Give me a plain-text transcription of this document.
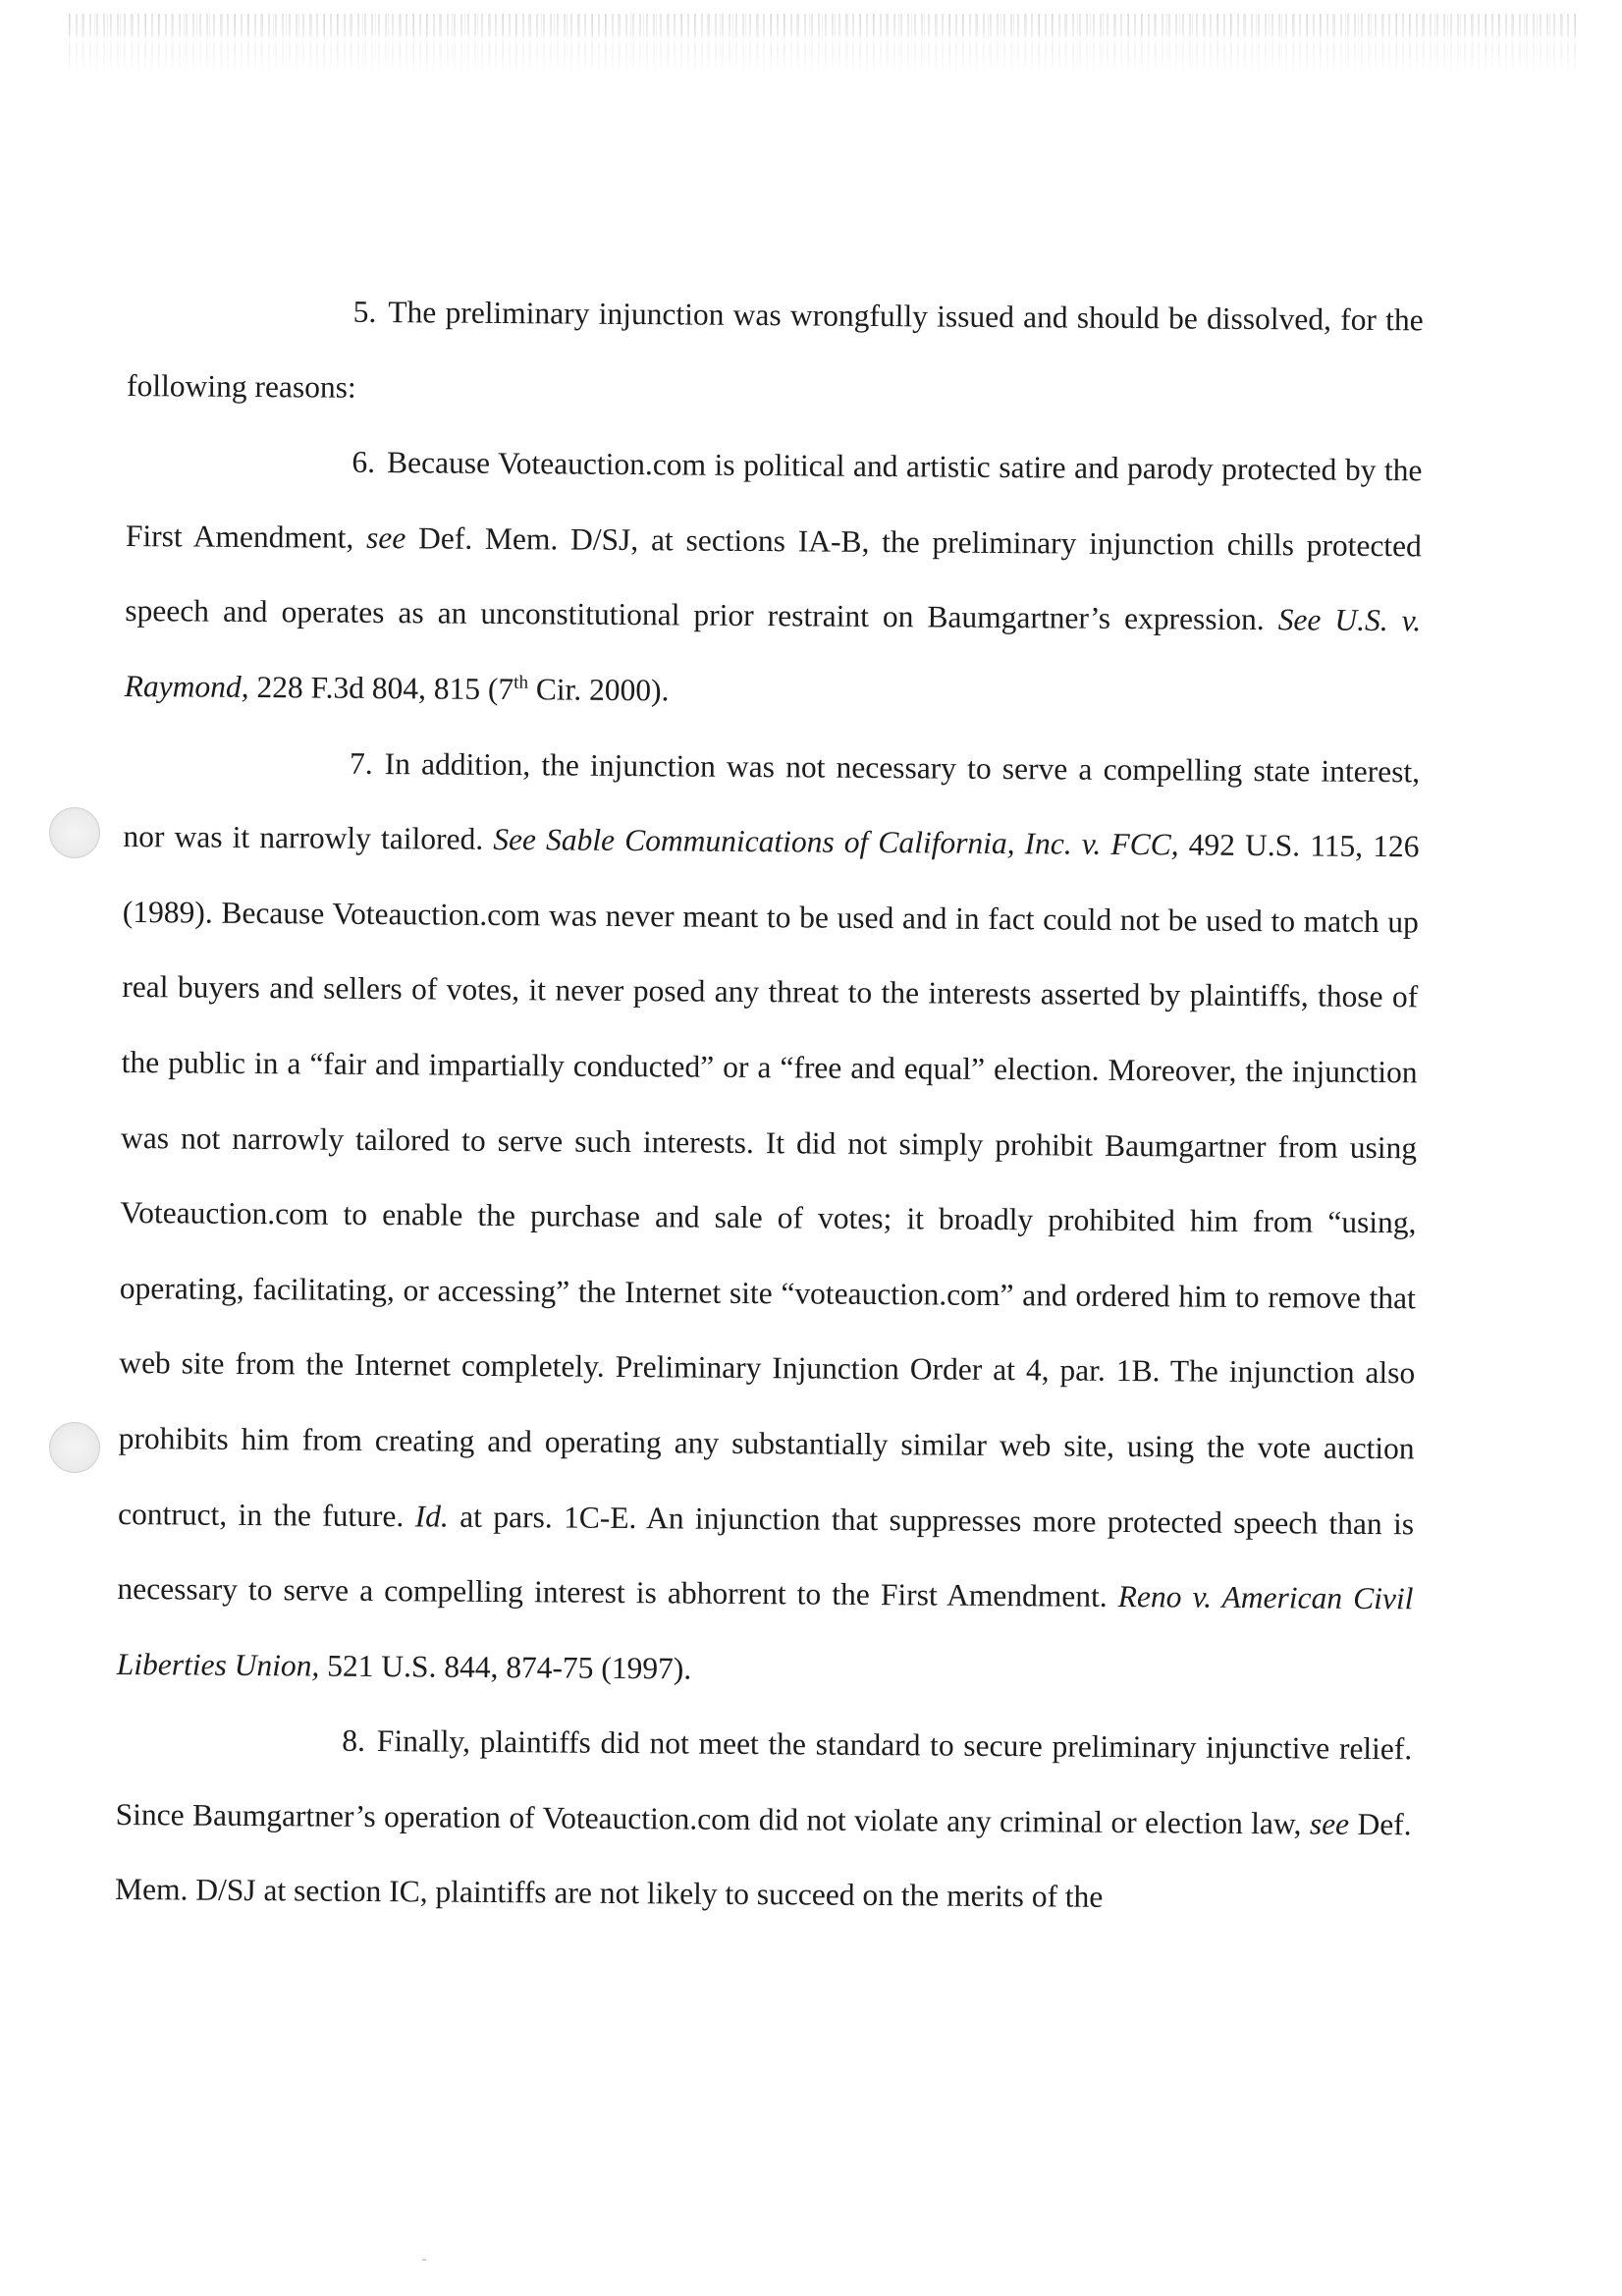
5. The preliminary injunction was wrongfully issued and should be dissolved, for the following reasons:

6. Because Voteauction.com is political and artistic satire and parody protected by the First Amendment, see Def. Mem. D/SJ, at sections IA-B, the preliminary injunction chills protected speech and operates as an unconstitutional prior restraint on Baumgartner’s expression. See U.S. v. Raymond, 228 F.3d 804, 815 (7th Cir. 2000).

7. In addition, the injunction was not necessary to serve a compelling state interest, nor was it narrowly tailored. See Sable Communications of California, Inc. v. FCC, 492 U.S. 115, 126 (1989). Because Voteauction.com was never meant to be used and in fact could not be used to match up real buyers and sellers of votes, it never posed any threat to the interests asserted by plaintiffs, those of the public in a “fair and impartially conducted” or a “free and equal” election. Moreover, the injunction was not narrowly tailored to serve such interests. It did not simply prohibit Baumgartner from using Voteauction.com to enable the purchase and sale of votes; it broadly prohibited him from “using, operating, facilitating, or accessing” the Internet site “voteauction.com” and ordered him to remove that web site from the Internet completely. Preliminary Injunction Order at 4, par. 1B. The injunction also prohibits him from creating and operating any substantially similar web site, using the vote auction contruct, in the future. Id. at pars. 1C-E. An injunction that suppresses more protected speech than is necessary to serve a compelling interest is abhorrent to the First Amendment. Reno v. American Civil Liberties Union, 521 U.S. 844, 874-75 (1997).

8. Finally, plaintiffs did not meet the standard to secure preliminary injunctive relief. Since Baumgartner’s operation of Voteauction.com did not violate any criminal or election law, see Def. Mem. D/SJ at section IC, plaintiffs are not likely to succeed on the merits of the
